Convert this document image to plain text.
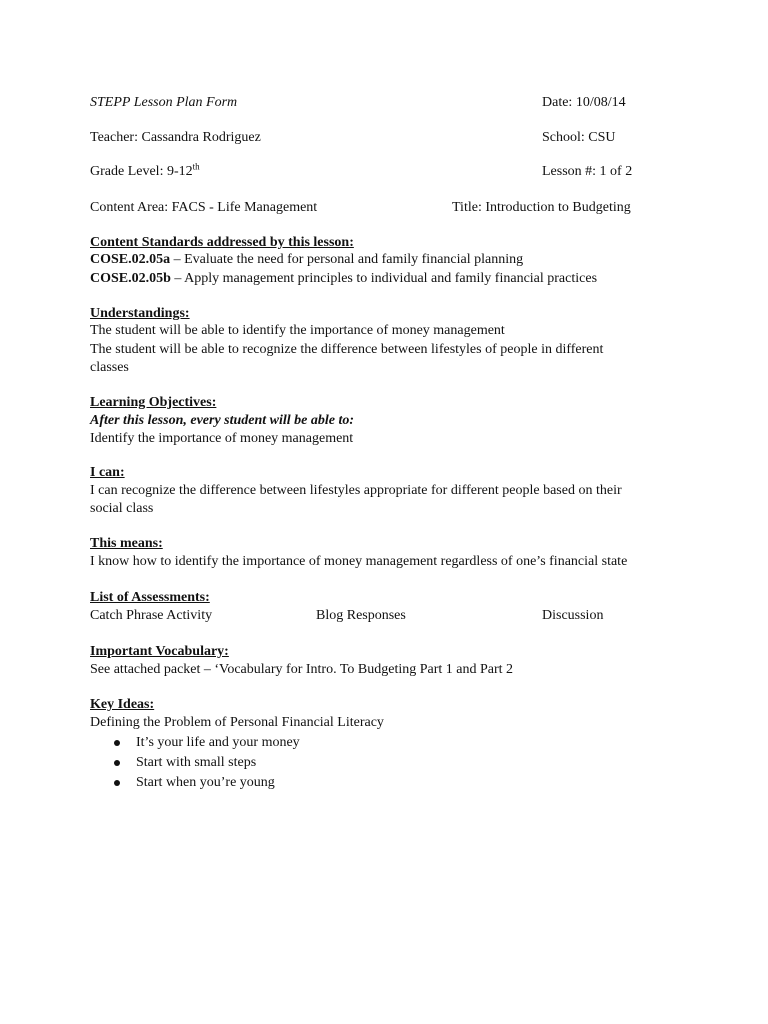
STEPP Lesson Plan Form	Date: 10/08/14
Teacher: Cassandra Rodriguez	School: CSU
Grade Level: 9-12th	Lesson #: 1 of 2
Content Area: FACS - Life Management	Title: Introduction to Budgeting
Content Standards addressed by this lesson:
COSE.02.05a – Evaluate the need for personal and family financial planning
COSE.02.05b – Apply management principles to individual and family financial practices
Understandings:
The student will be able to identify the importance of money management
The student will be able to recognize the difference between lifestyles of people in different
classes
Learning Objectives:
After this lesson, every student will be able to:
Identify the importance of money management
I can:
I can recognize the difference between lifestyles appropriate for different people based on their
social class
This means:
I know how to identify the importance of money management regardless of one’s financial state
List of Assessments:
Catch Phrase Activity	Blog Responses	Discussion
Important Vocabulary:
See attached packet – ‘Vocabulary for Intro. To Budgeting Part 1 and Part 2
Key Ideas:
Defining the Problem of Personal Financial Literacy
It’s your life and your money
Start with small steps
Start when you’re young
